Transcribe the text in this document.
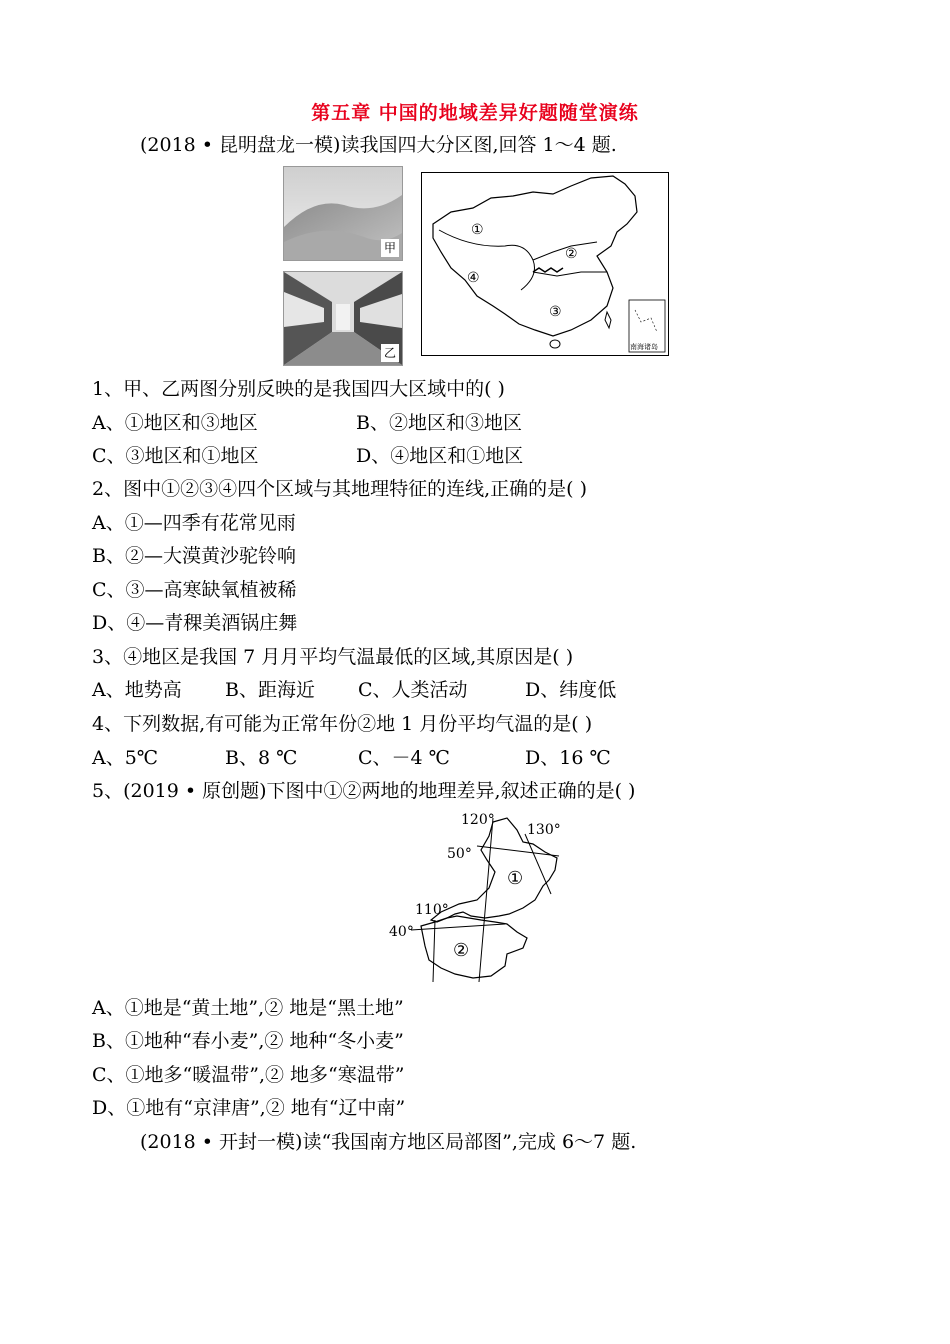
第五章 中国的地域差异好题随堂演练
(2018 • 昆明盘龙一模)读我国四大分区图,回答 1～4 题.
甲
乙
①
②
③
④
南海诸岛
1、甲、乙两图分别反映的是我国四大区域中的( )
A、①地区和③地区	B、②地区和③地区
C、③地区和①地区	D、④地区和①地区
2、图中①②③④四个区域与其地理特征的连线,正确的是( )
A、①—四季有花常见雨
B、②—大漠黄沙驼铃响
C、③—高寒缺氧植被稀
D、④—青稞美酒锅庄舞
3、④地区是我国 7 月月平均气温最低的区域,其原因是( )
A、地势高 B、距海近 C、人类活动	D、纬度低
4、下列数据,有可能为正常年份②地 1 月份平均气温的是( )
A、5℃	B、8 ℃	C、－4 ℃	D、16 ℃
5、(2019 • 原创题)下图中①②两地的地理差异,叙述正确的是( )
120°
130°
50°
110°
40°
①
②
A、①地是“黄土地”,② 地是“黑土地”
B、①地种“春小麦”,② 地种“冬小麦”
C、①地多“暖温带”,② 地多“寒温带”
D、①地有“京津唐”,② 地有“辽中南”
(2018 • 开封一模)读“我国南方地区局部图”,完成 6～7 题.
